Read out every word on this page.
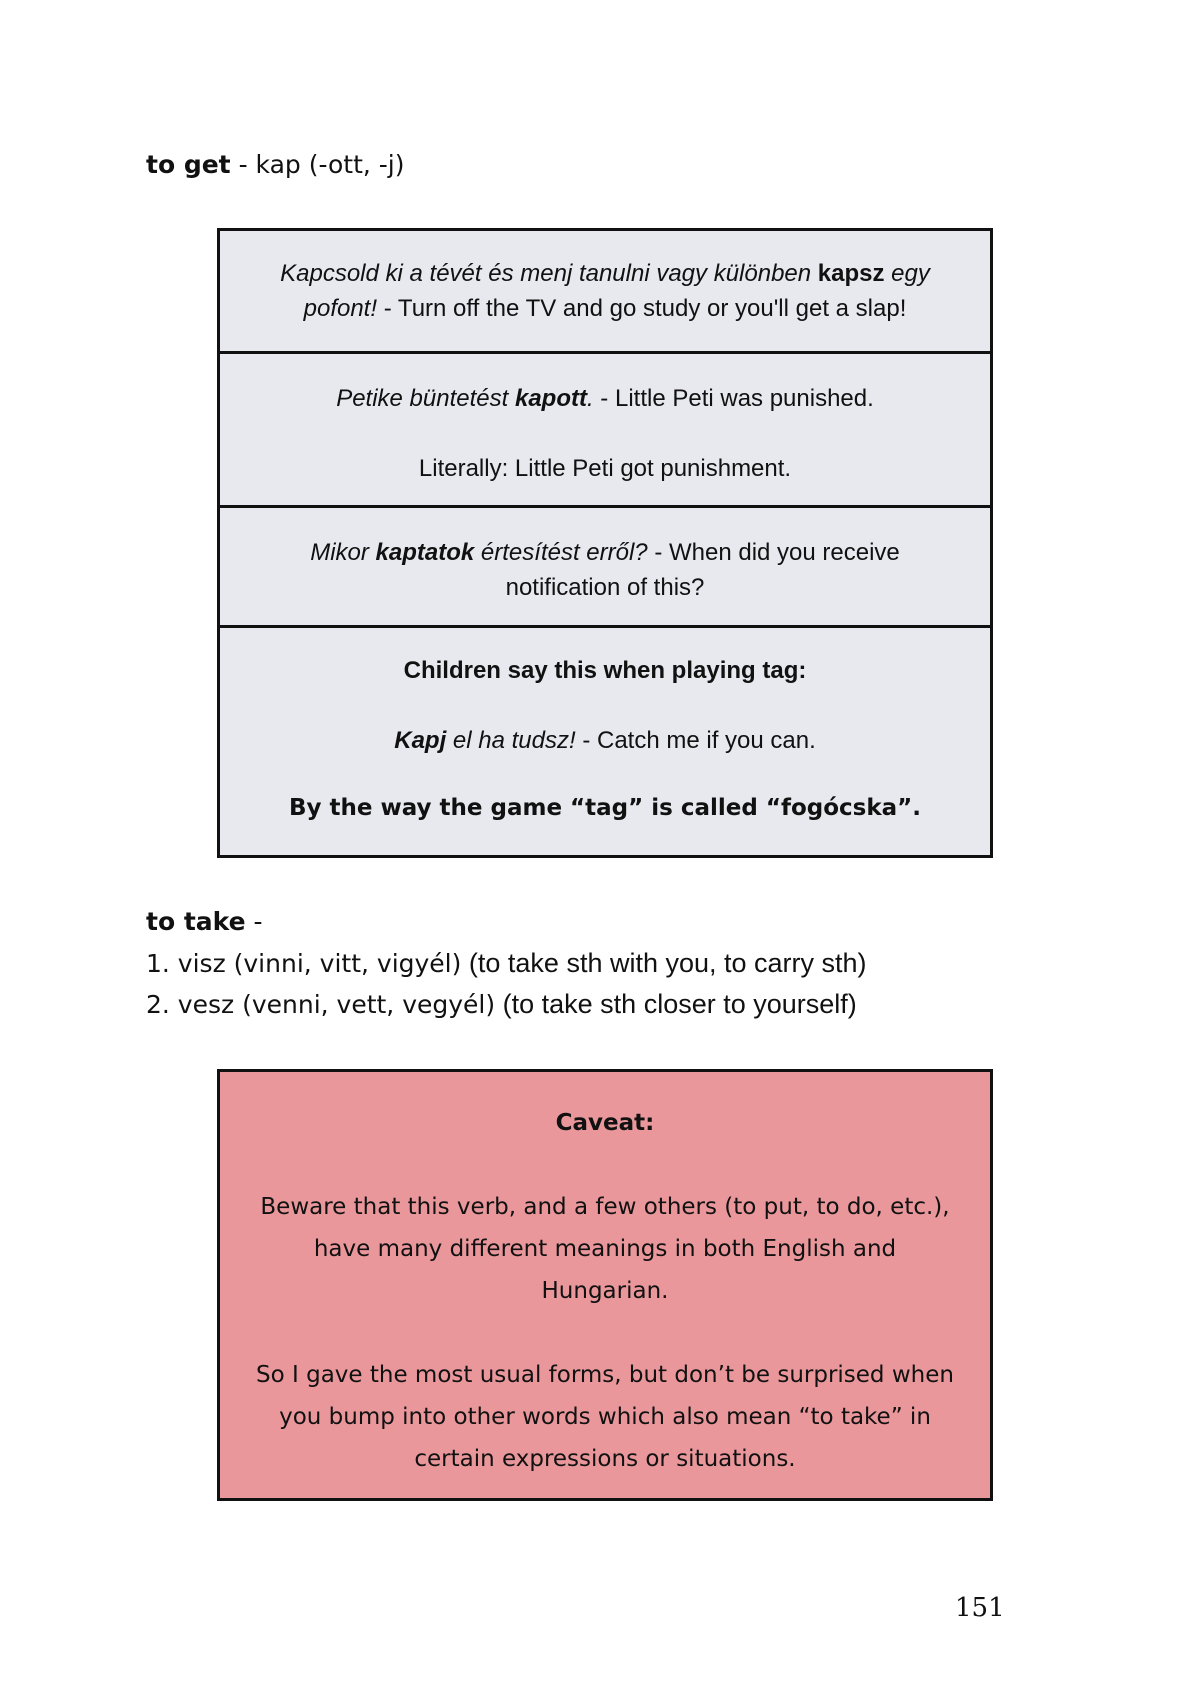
to get - kap (-ott, -j)

Kapcsold ki a tévét és menj tanulni vagy különben kapsz egy pofont! - Turn off the TV and go study or you'll get a slap!

Petike büntetést kapott. - Little Peti was punished.

Literally: Little Peti got punishment.

Mikor kaptatok értesítést erről? - When did you receive notification of this?

Children say this when playing tag:

Kapj el ha tudsz! - Catch me if you can.

By the way the game “tag” is called “fogócska”.

to take -
1. visz (vinni, vitt, vigyél) (to take sth with you, to carry sth)
2. vesz (venni, vett, vegyél) (to take sth closer to yourself)

Caveat:

Beware that this verb, and a few others (to put, to do, etc.), have many different meanings in both English and Hungarian.

So I gave the most usual forms, but don’t be surprised when you bump into other words which also mean “to take” in certain expressions or situations.

151
